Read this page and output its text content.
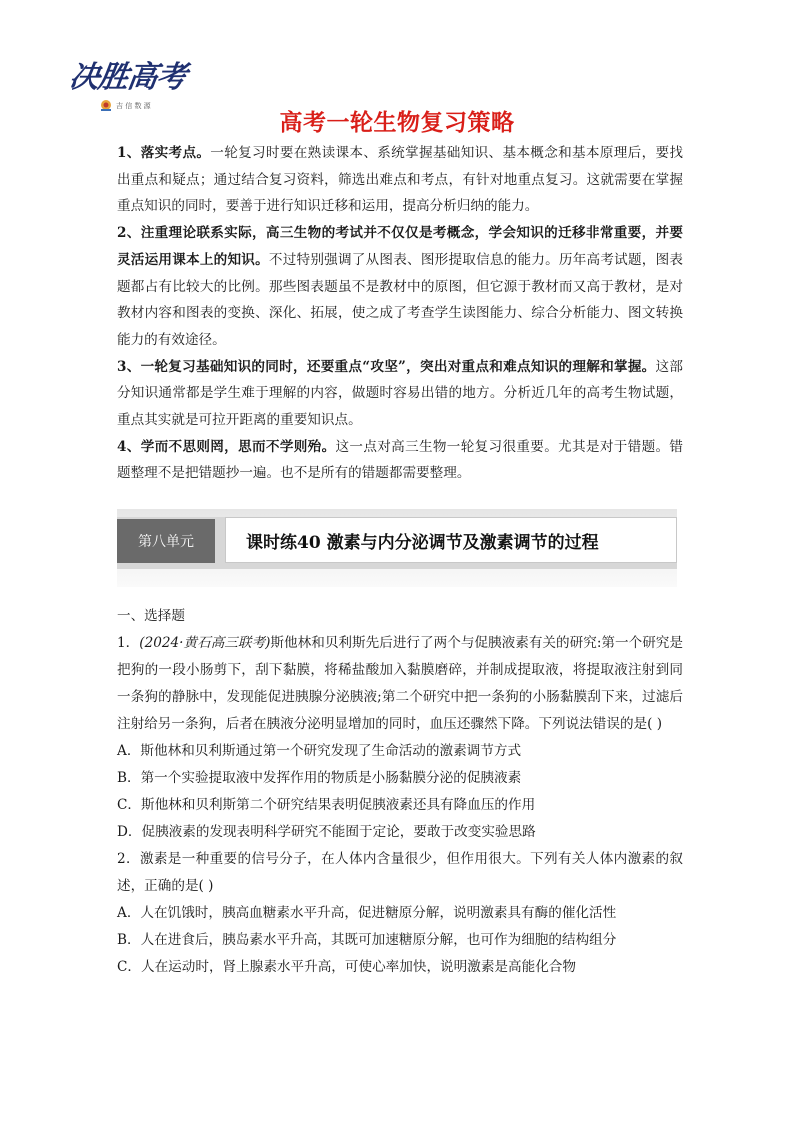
决胜高考
吉 信 数 源
高考一轮生物复习策略

1、落实考点。一轮复习时要在熟读课本、系统掌握基础知识、基本概念和基本原理后，要找出重点和疑点；通过结合复习资料，筛选出难点和考点，有针对地重点复习。这就需要在掌握重点知识的同时，要善于进行知识迁移和运用，提高分析归纳的能力。

2、注重理论联系实际，高三生物的考试并不仅仅是考概念，学会知识的迁移非常重要，并要灵活运用课本上的知识。不过特别强调了从图表、图形提取信息的能力。历年高考试题，图表题都占有比较大的比例。那些图表题虽不是教材中的原图，但它源于教材而又高于教材，是对教材内容和图表的变换、深化、拓展，使之成了考查学生读图能力、综合分析能力、图文转换能力的有效途径。

3、一轮复习基础知识的同时，还要重点“攻坚”，突出对重点和难点知识的理解和掌握。这部分知识通常都是学生难于理解的内容，做题时容易出错的地方。分析近几年的高考生物试题，重点其实就是可拉开距离的重要知识点。

4、学而不思则罔，思而不学则殆。这一点对高三生物一轮复习很重要。尤其是对于错题。错题整理不是把错题抄一遍。也不是所有的错题都需要整理。

第八单元	课时练40 激素与内分泌调节及激素调节的过程

一、选择题

1．(2024·黄石高三联考)斯他林和贝利斯先后进行了两个与促胰液素有关的研究:第一个研究是把狗的一段小肠剪下，刮下黏膜，将稀盐酸加入黏膜磨碎，并制成提取液，将提取液注射到同一条狗的静脉中，发现能促进胰腺分泌胰液;第二个研究中把一条狗的小肠黏膜刮下来，过滤后注射给另一条狗，后者在胰液分泌明显增加的同时，血压还骤然下降。下列说法错误的是( )

A．斯他林和贝利斯通过第一个研究发现了生命活动的激素调节方式

B．第一个实验提取液中发挥作用的物质是小肠黏膜分泌的促胰液素

C．斯他林和贝利斯第二个研究结果表明促胰液素还具有降血压的作用

D．促胰液素的发现表明科学研究不能囿于定论，要敢于改变实验思路

2．激素是一种重要的信号分子，在人体内含量很少，但作用很大。下列有关人体内激素的叙述，正确的是( )

A．人在饥饿时，胰高血糖素水平升高，促进糖原分解，说明激素具有酶的催化活性

B．人在进食后，胰岛素水平升高，其既可加速糖原分解，也可作为细胞的结构组分

C．人在运动时，肾上腺素水平升高，可使心率加快，说明激素是高能化合物
